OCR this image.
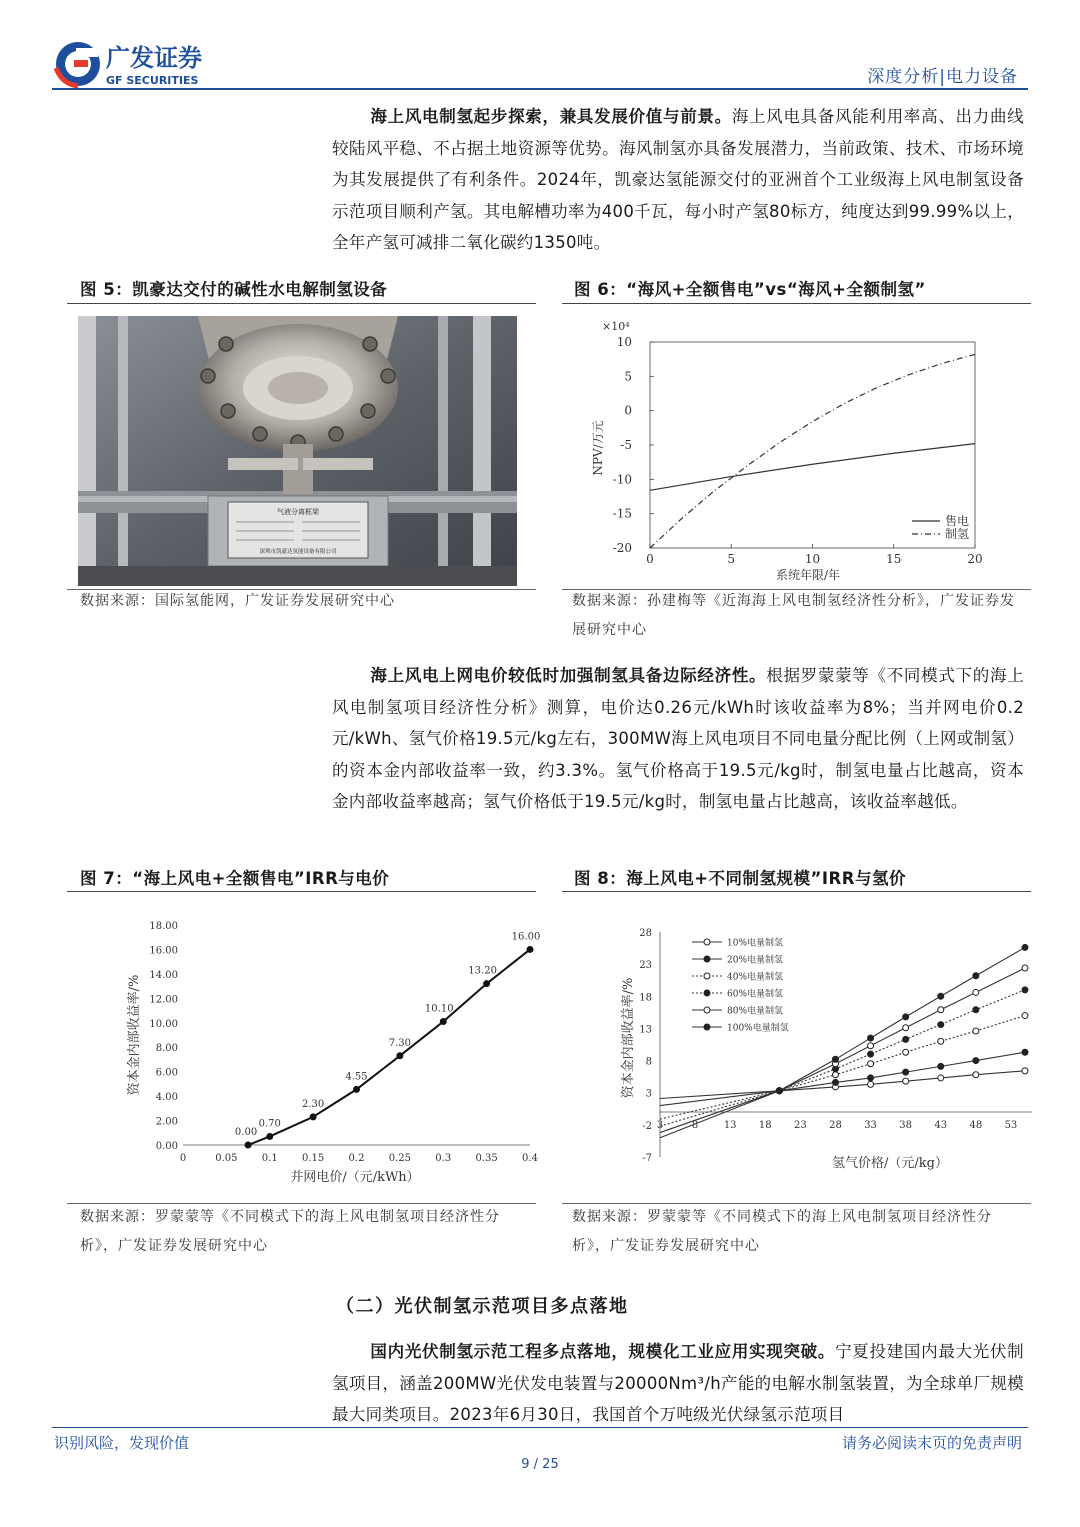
广发证券
GF SECURITIES	深度分析|电力设备
海上风电制氢起步探索，兼具发展价值与前景。海上风电具备风能利用率高、出力曲线较陆风平稳、不占据土地资源等优势。海风制氢亦具备发展潜力，当前政策、技术、市场环境为其发展提供了有利条件。2024年，凯豪达氢能源交付的亚洲首个工业级海上风电制氢设备示范项目顺利产氢。其电解槽功率为400千瓦，每小时产氢80标方，纯度达到99.99%以上，全年产氢可减排二氧化碳约1350吨。
图 5：凯豪达交付的碱性水电解制氢设备	图 6：“海风+全额售电”vs“海风+全额制氢”
气液分离框架
深圳市凯豪达氢能设备有限公司
×10⁴
NPV/万元
系统年限/年
10
5
0
-5
-10
-15
-20
0	5	10	15	20
售电
制氢
数据来源：国际氢能网，广发证券发展研究中心	数据来源：孙建梅等《近海海上风电制氢经济性分析》，广发证券发展研究中心
海上风电上网电价较低时加强制氢具备边际经济性。根据罗蒙蒙等《不同模式下的海上风电制氢项目经济性分析》测算，电价达0.26元/kWh时该收益率为8%；当并网电价0.2元/kWh、氢气价格19.5元/kg左右，300MW海上风电项目不同电量分配比例（上网或制氢）的资本金内部收益率一致，约3.3%。氢气价格高于19.5元/kg时，制氢电量占比越高，资本金内部收益率越高；氢气价格低于19.5元/kg时，制氢电量占比越高，该收益率越低。
图 7：“海上风电+全额售电”IRR与电价	图 8：海上风电+不同制氢规模”IRR与氢价
资本金内部收益率/%
并网电价/（元/kWh）
0.00
2.00
4.00
6.00
8.00
10.00
12.00
14.00
16.00
18.00
0	0.05 0.1 0.15 0.2 0.25 0.3 0.35 0.4
0.00
0.70
2.30
4.55
7.30
10.10
13.20
16.00
资本金内部收益率/%
氢气价格/（元/kg）
28
23
18
13
8
3
-2
-7
3	8	13 18 23 28 33 38 43 48 53
10%电量制氢
20%电量制氢
40%电量制氢
60%电量制氢
80%电量制氢
100%电量制氢
数据来源：罗蒙蒙等《不同模式下的海上风电制氢项目经济性分析》，广发证券发展研究中心
数据来源：罗蒙蒙等《不同模式下的海上风电制氢项目经济性分析》，广发证券发展研究中心
（二）光伏制氢示范项目多点落地
国内光伏制氢示范工程多点落地，规模化工业应用实现突破。宁夏投建国内最大光伏制氢项目，涵盖200MW光伏发电装置与20000Nm³/h产能的电解水制氢装置，为全球单厂规模最大同类项目。2023年6月30日，我国首个万吨级光伏绿氢示范项目
识别风险，发现价值	请务必阅读末页的免责声明
9 / 25
